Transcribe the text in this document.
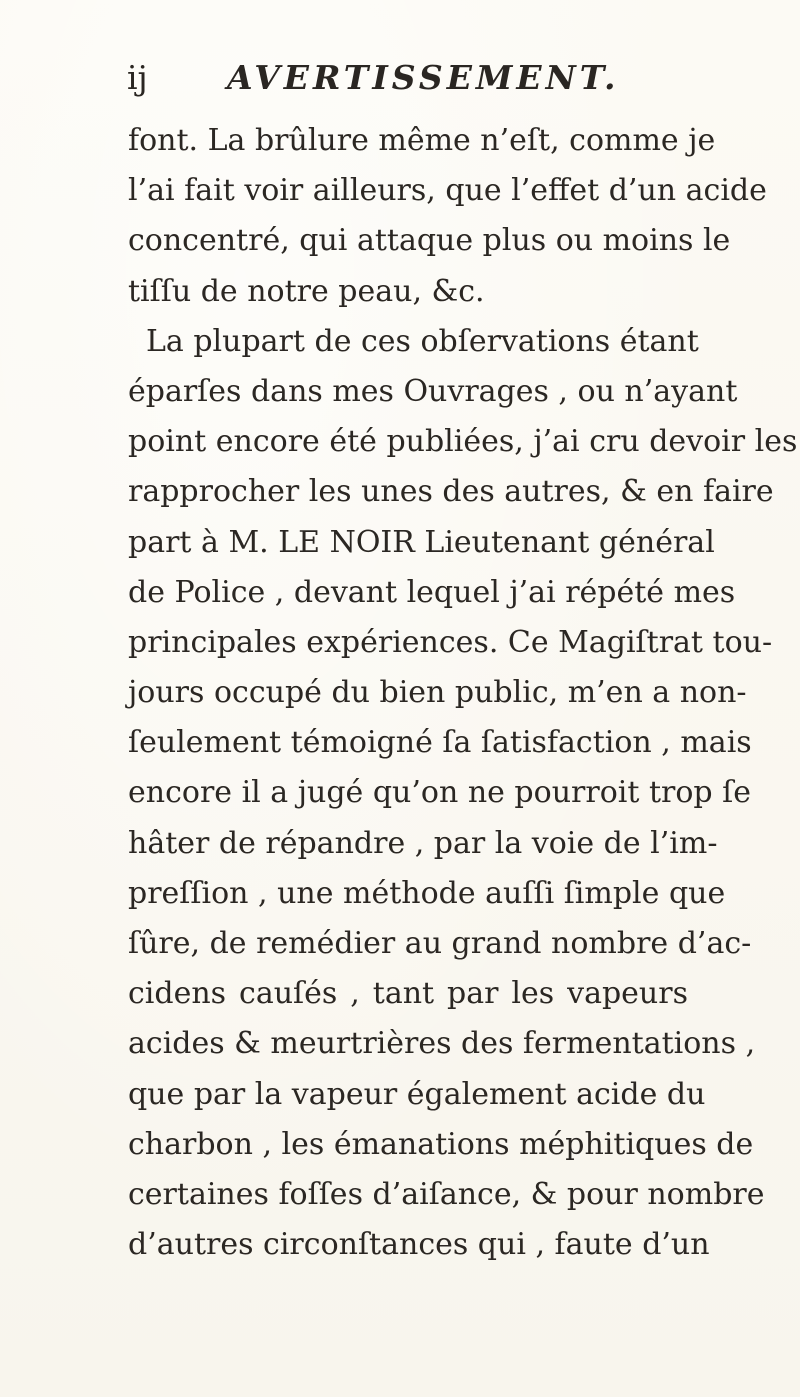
ij AVERTISSEMENT.
font. La brûlure même n’eſt, comme je
l’ai fait voir ailleurs, que l’effet d’un acide
concentré, qui attaque plus ou moins le
tiſſu de notre peau, &c.
La plupart de ces obſervations étant
éparſes dans mes Ouvrages , ou n’ayant
point encore été publiées, j’ai cru devoir les
rapprocher les unes des autres, & en faire
part à M. LE NOIR Lieutenant général
de Police , devant lequel j’ai répété mes
principales expériences. Ce Magiſtrat tou-
jours occupé du bien public, m’en a non-
ſeulement témoigné ſa ſatisfaction , mais
encore il a jugé qu’on ne pourroit trop ſe
hâter de répandre , par la voie de l’im-
preſſion , une méthode auſſi ſimple que
ſûre, de remédier au grand nombre d’ac-
cidens cauſés , tant par les vapeurs
acides & meurtrières des fermentations ,
que par la vapeur également acide du
charbon , les émanations méphitiques de
certaines foſſes d’aiſance, & pour nombre
d’autres circonſtances qui , faute d’un
